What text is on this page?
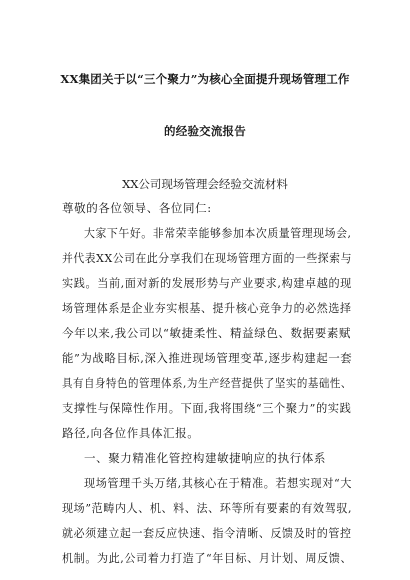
XX集团关于以“三个聚力”为核心全面提升现场管理工作
的经验交流报告
XX公司现场管理会经验交流材料
尊敬的各位领导、各位同仁:
大家下午好。非常荣幸能够参加本次质量管理现场会,
并代表XX公司在此分享我们在现场管理方面的一些探索与
实践。当前,面对新的发展形势与产业要求,构建卓越的现
场管理体系是企业夯实根基、提升核心竞争力的必然选择
今年以来,我公司以“敏捷柔性、精益绿色、数据要素赋
能”为战略目标,深入推进现场管理变革,逐步构建起一套
具有自身特色的管理体系,为生产经营提供了坚实的基础性、
支撑性与保障性作用。下面,我将围绕“三个聚力”的实践
路径,向各位作具体汇报。
一、聚力精准化管控构建敏捷响应的执行体系
现场管理千头万绪,其核心在于精准。若想实现对“大
现场”范畴内人、机、料、法、环等所有要素的有效驾驭,
就必须建立起一套反应快速、指令清晰、反馈及时的管控
机制。为此,公司着力打造了“年目标、月计划、周反馈、
